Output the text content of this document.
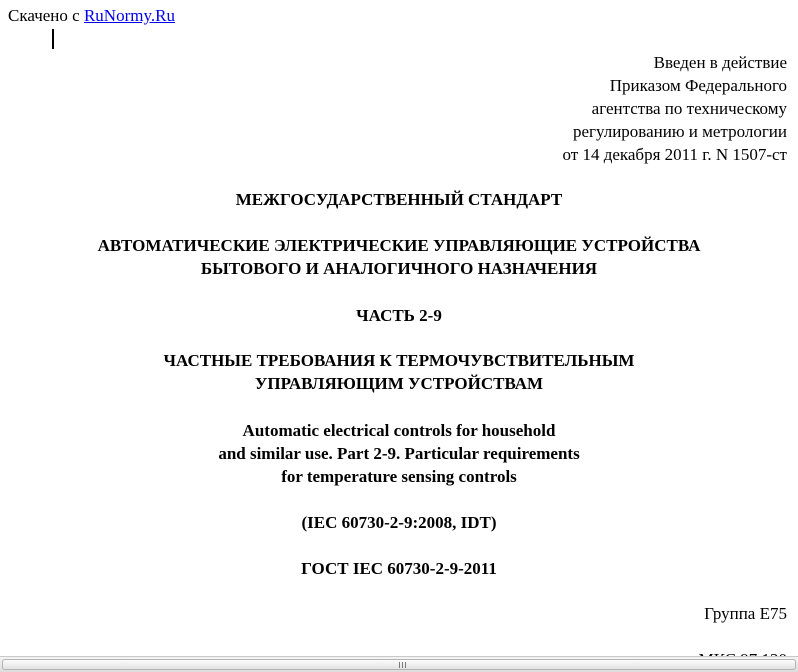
Скачено с RuNormy.Ru
Введен в действие
Приказом Федерального
агентства по техническому
регулированию и метрологии
от 14 декабря 2011 г. N 1507-ст
МЕЖГОСУДАРСТВЕННЫЙ СТАНДАРТ
АВТОМАТИЧЕСКИЕ ЭЛЕКТРИЧЕСКИЕ УПРАВЛЯЮЩИЕ УСТРОЙСТВА
БЫТОВОГО И АНАЛОГИЧНОГО НАЗНАЧЕНИЯ
ЧАСТЬ 2-9
ЧАСТНЫЕ ТРЕБОВАНИЯ К ТЕРМОЧУВСТВИТЕЛЬНЫМ
УПРАВЛЯЮЩИМ УСТРОЙСТВАМ
Automatic electrical controls for household
and similar use. Part 2-9. Particular requirements
for temperature sensing controls
(IEC 60730-2-9:2008, IDT)
ГОСТ IEC 60730-2-9-2011
Группа Е75
